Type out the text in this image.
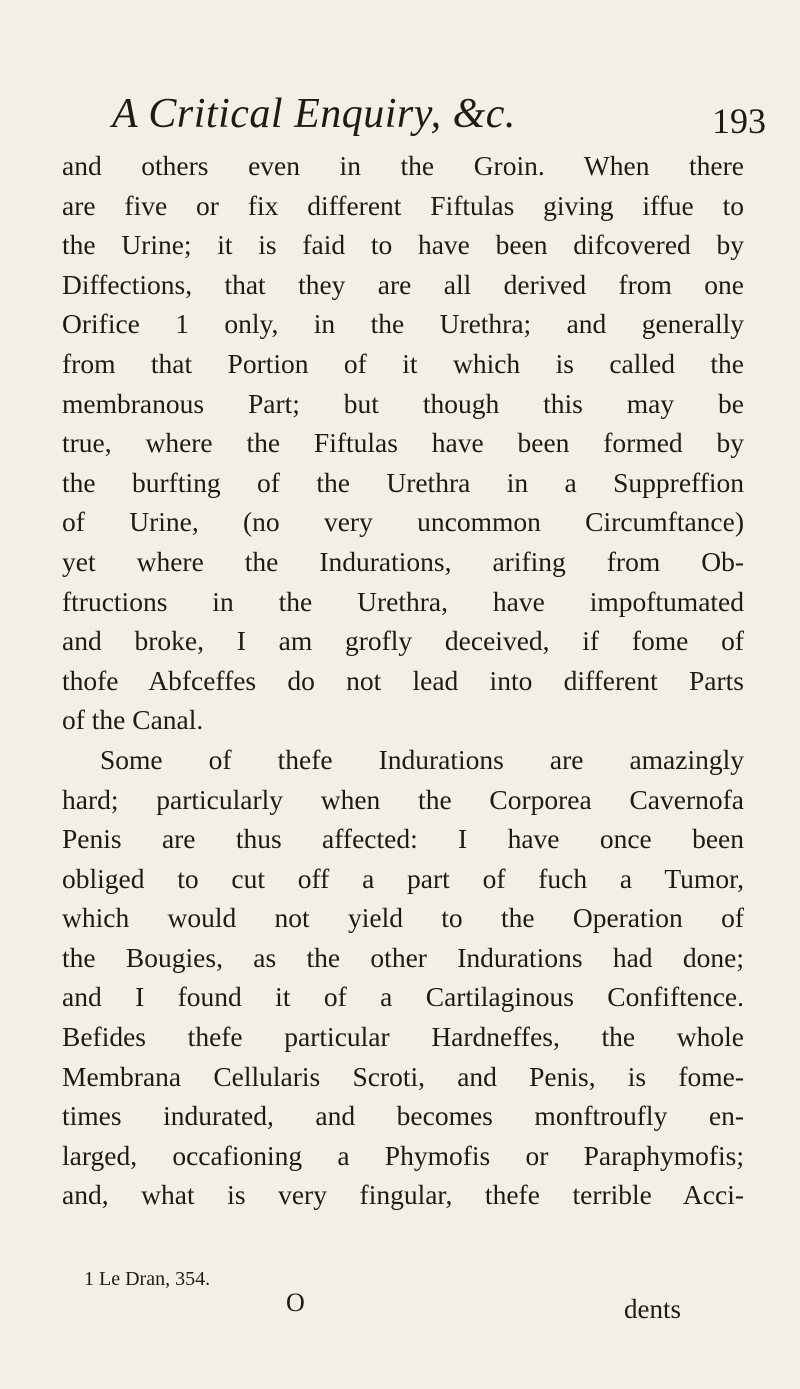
A Critical Enquiry, &c.	193
and others even in the Groin. When there
are five or fix different Fiftulas giving iffue to
the Urine; it is faid to have been difcovered by
Diffections, that they are all derived from one
Orifice 1 only, in the Urethra; and generally
from that Portion of it which is called the
membranous Part; but though this may be
true, where the Fiftulas have been formed by
the burfting of the Urethra in a Suppreffion
of Urine, (no very uncommon Circumftance)
yet where the Indurations, arifing from Ob-
ftructions in the Urethra, have impoftumated
and broke, I am grofly deceived, if fome of
thofe Abfceffes do not lead into different Parts
of the Canal.
Some of thefe Indurations are amazingly
hard; particularly when the Corporea Cavernofa
Penis are thus affected: I have once been
obliged to cut off a part of fuch a Tumor,
which would not yield to the Operation of
the Bougies, as the other Indurations had done;
and I found it of a Cartilaginous Confiftence.
Befides thefe particular Hardneffes, the whole
Membrana Cellularis Scroti, and Penis, is fome-
times indurated, and becomes monftroufly en-
larged, occafioning a Phymofis or Paraphymofis;
and, what is very fingular, thefe terrible Acci-
1 Le Dran, 354.
O	dents
